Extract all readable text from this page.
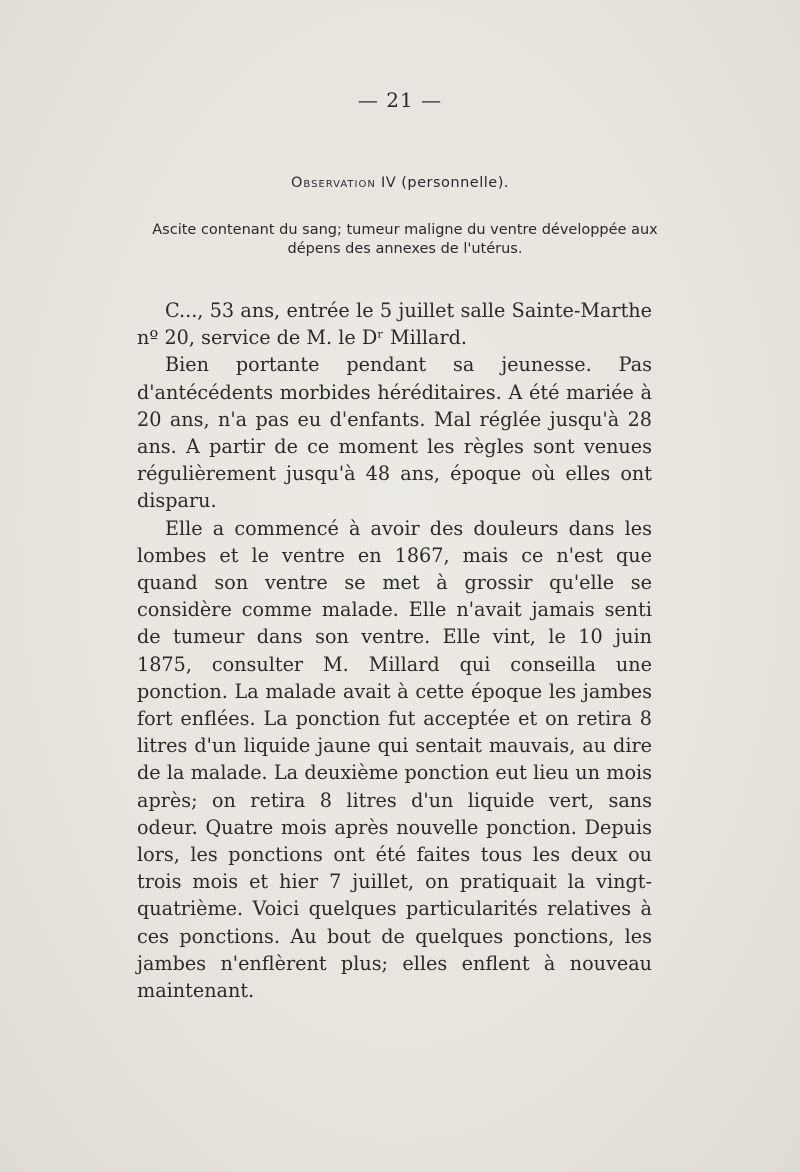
— 21 —
Observation IV (personnelle).
Ascite contenant du sang; tumeur maligne du ventre développée aux dépens des annexes de l'utérus.

C..., 53 ans, entrée le 5 juillet salle Sainte-Marthe nº 20, service de M. le Dʳ Millard.

Bien portante pendant sa jeunesse. Pas d'antécédents morbides héréditaires. A été mariée à 20 ans, n'a pas eu d'enfants. Mal réglée jusqu'à 28 ans. A partir de ce moment les règles sont venues régulièrement jusqu'à 48 ans, époque où elles ont disparu.

Elle a commencé à avoir des douleurs dans les lombes et le ventre en 1867, mais ce n'est que quand son ventre se met à grossir qu'elle se considère comme malade. Elle n'avait jamais senti de tumeur dans son ventre. Elle vint, le 10 juin 1875, consulter M. Millard qui conseilla une ponction. La malade avait à cette époque les jambes fort enflées. La ponction fut acceptée et on retira 8 litres d'un liquide jaune qui sentait mauvais, au dire de la malade. La deuxième ponction eut lieu un mois après; on retira 8 litres d'un liquide vert, sans odeur. Quatre mois après nouvelle ponction. Depuis lors, les ponctions ont été faites tous les deux ou trois mois et hier 7 juillet, on pratiquait la vingt-quatrième. Voici quelques particularités relatives à ces ponctions. Au bout de quelques ponctions, les jambes n'enflèrent plus; elles enflent à nouveau maintenant.
